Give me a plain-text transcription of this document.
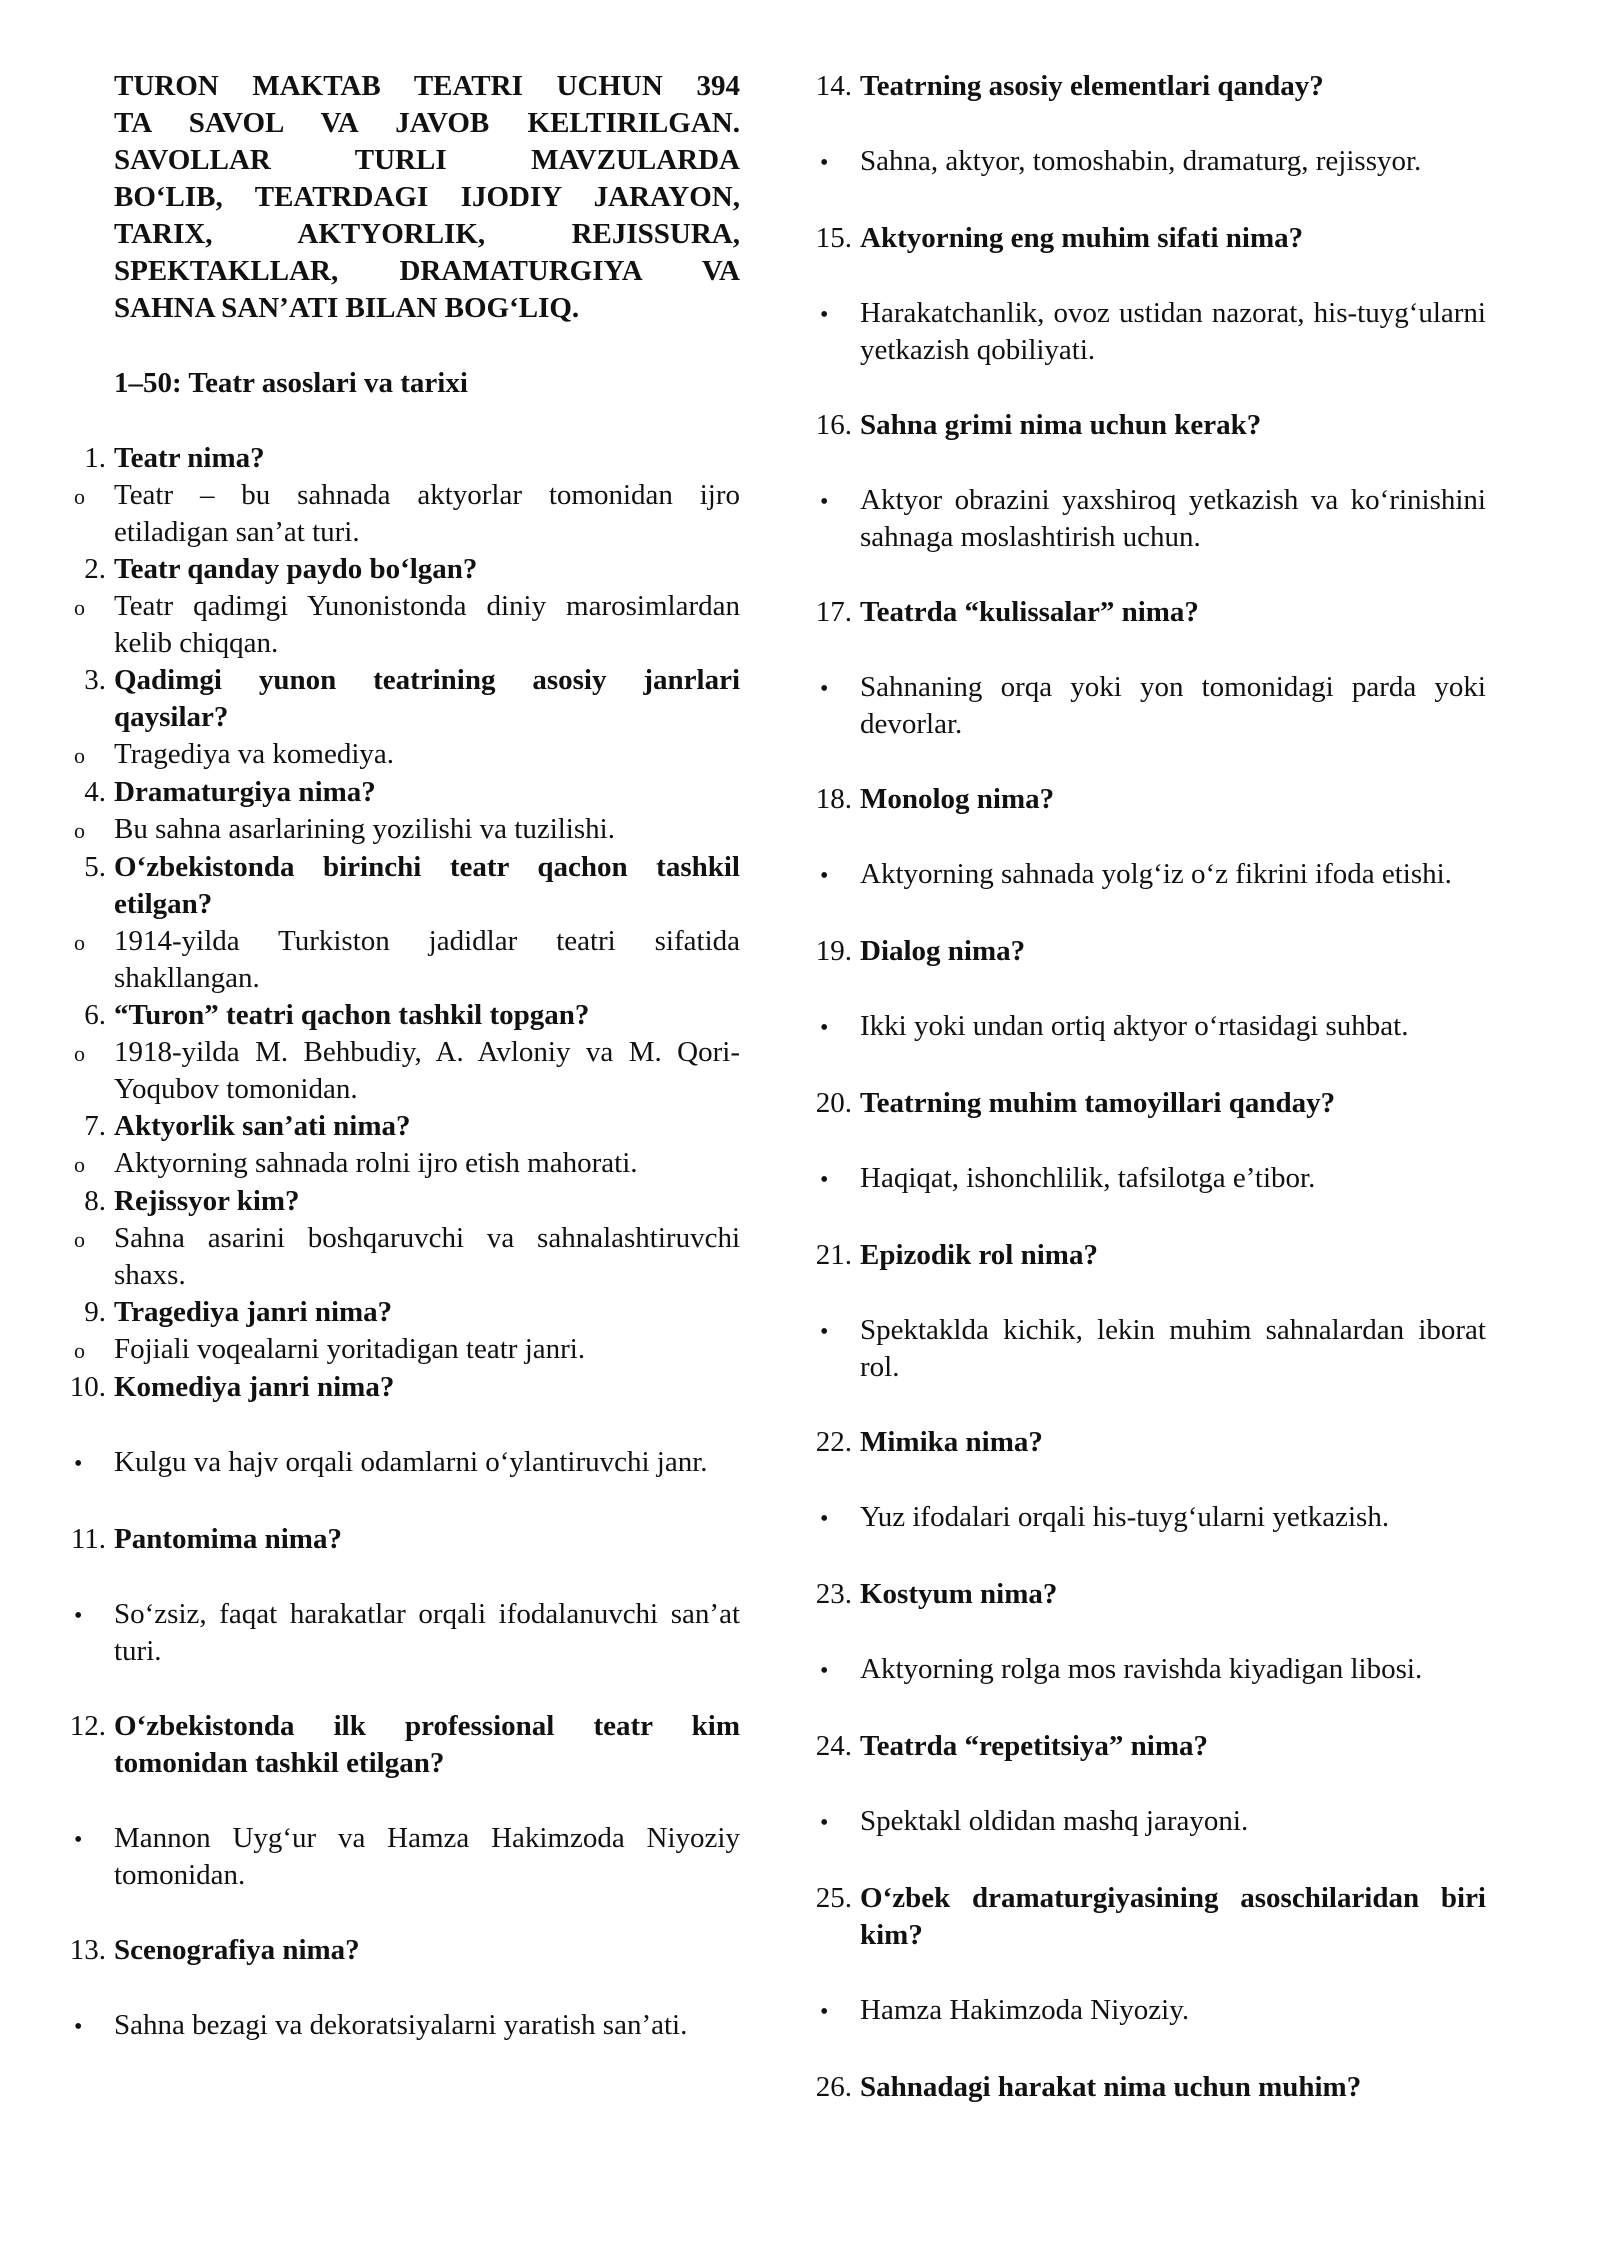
TURON MAKTAB TEATRI UCHUN 394
TA SAVOL VA JAVOB KELTIRILGAN.
SAVOLLAR TURLI MAVZULARDA
BO‘LIB, TEATRDAGI IJODIY JARAYON,
TARIX, AKTYORLIK, REJISSURA,
SPEKTAKLLAR, DRAMATURGIYA VA
SAHNA SAN’ATI BILAN BOG‘LIQ.
1–50: Teatr asoslari va tarixi
1. Teatr nima?
o
Teatr – bu sahnada aktyorlar tomonidan ijro etiladigan san’at turi.
2. Teatr qanday paydo bo‘lgan?
o
Teatr qadimgi Yunonistonda diniy marosimlardan kelib chiqqan.
3. Qadimgi yunon teatrining asosiy janrlari qaysilar?
o
Tragediya va komediya.
4. Dramaturgiya nima?
o
Bu sahna asarlarining yozilishi va tuzilishi.
5. O‘zbekistonda birinchi teatr qachon tashkil etilgan?
o
1914-yilda Turkiston jadidlar teatri sifatida shakllangan.
6. “Turon” teatri qachon tashkil topgan?
o
1918-yilda M. Behbudiy, A. Avloniy va M. Qori-Yoqubov tomonidan.
7. Aktyorlik san’ati nima?
o
Aktyorning sahnada rolni ijro etish mahorati.
8. Rejissyor kim?
o
Sahna asarini boshqaruvchi va sahnalashtiruvchi shaxs.
9. Tragediya janri nima?
o
Fojiali voqealarni yoritadigan teatr janri.
10. Komediya janri nima?
•
Kulgu va hajv orqali odamlarni o‘ylantiruvchi janr.
11. Pantomima nima?
•
So‘zsiz, faqat harakatlar orqali ifodalanuvchi san’at turi.
12. O‘zbekistonda ilk professional teatr kim tomonidan tashkil etilgan?
•
Mannon Uyg‘ur va Hamza Hakimzoda Niyoziy tomonidan.
13. Scenografiya nima?
•
Sahna bezagi va dekoratsiyalarni yaratish san’ati.
14. Teatrning asosiy elementlari qanday?
•
Sahna, aktyor, tomoshabin, dramaturg, rejissyor.
15. Aktyorning eng muhim sifati nima?
•
Harakatchanlik, ovoz ustidan nazorat, his-tuyg‘ularni yetkazish qobiliyati.
16. Sahna grimi nima uchun kerak?
•
Aktyor obrazini yaxshiroq yetkazish va ko‘rinishini sahnaga moslashtirish uchun.
17. Teatrda “kulissalar” nima?
•
Sahnaning orqa yoki yon tomonidagi parda yoki devorlar.
18. Monolog nima?
•
Aktyorning sahnada yolg‘iz o‘z fikrini ifoda etishi.
19. Dialog nima?
•
Ikki yoki undan ortiq aktyor o‘rtasidagi suhbat.
20. Teatrning muhim tamoyillari qanday?
•
Haqiqat, ishonchlilik, tafsilotga e’tibor.
21. Epizodik rol nima?
•
Spektaklda kichik, lekin muhim sahnalardan iborat rol.
22. Mimika nima?
•
Yuz ifodalari orqali his-tuyg‘ularni yetkazish.
23. Kostyum nima?
•
Aktyorning rolga mos ravishda kiyadigan libosi.
24. Teatrda “repetitsiya” nima?
•
Spektakl oldidan mashq jarayoni.
25. O‘zbek dramaturgiyasining asoschilaridan biri kim?
•
Hamza Hakimzoda Niyoziy.
26. Sahnadagi harakat nima uchun muhim?
